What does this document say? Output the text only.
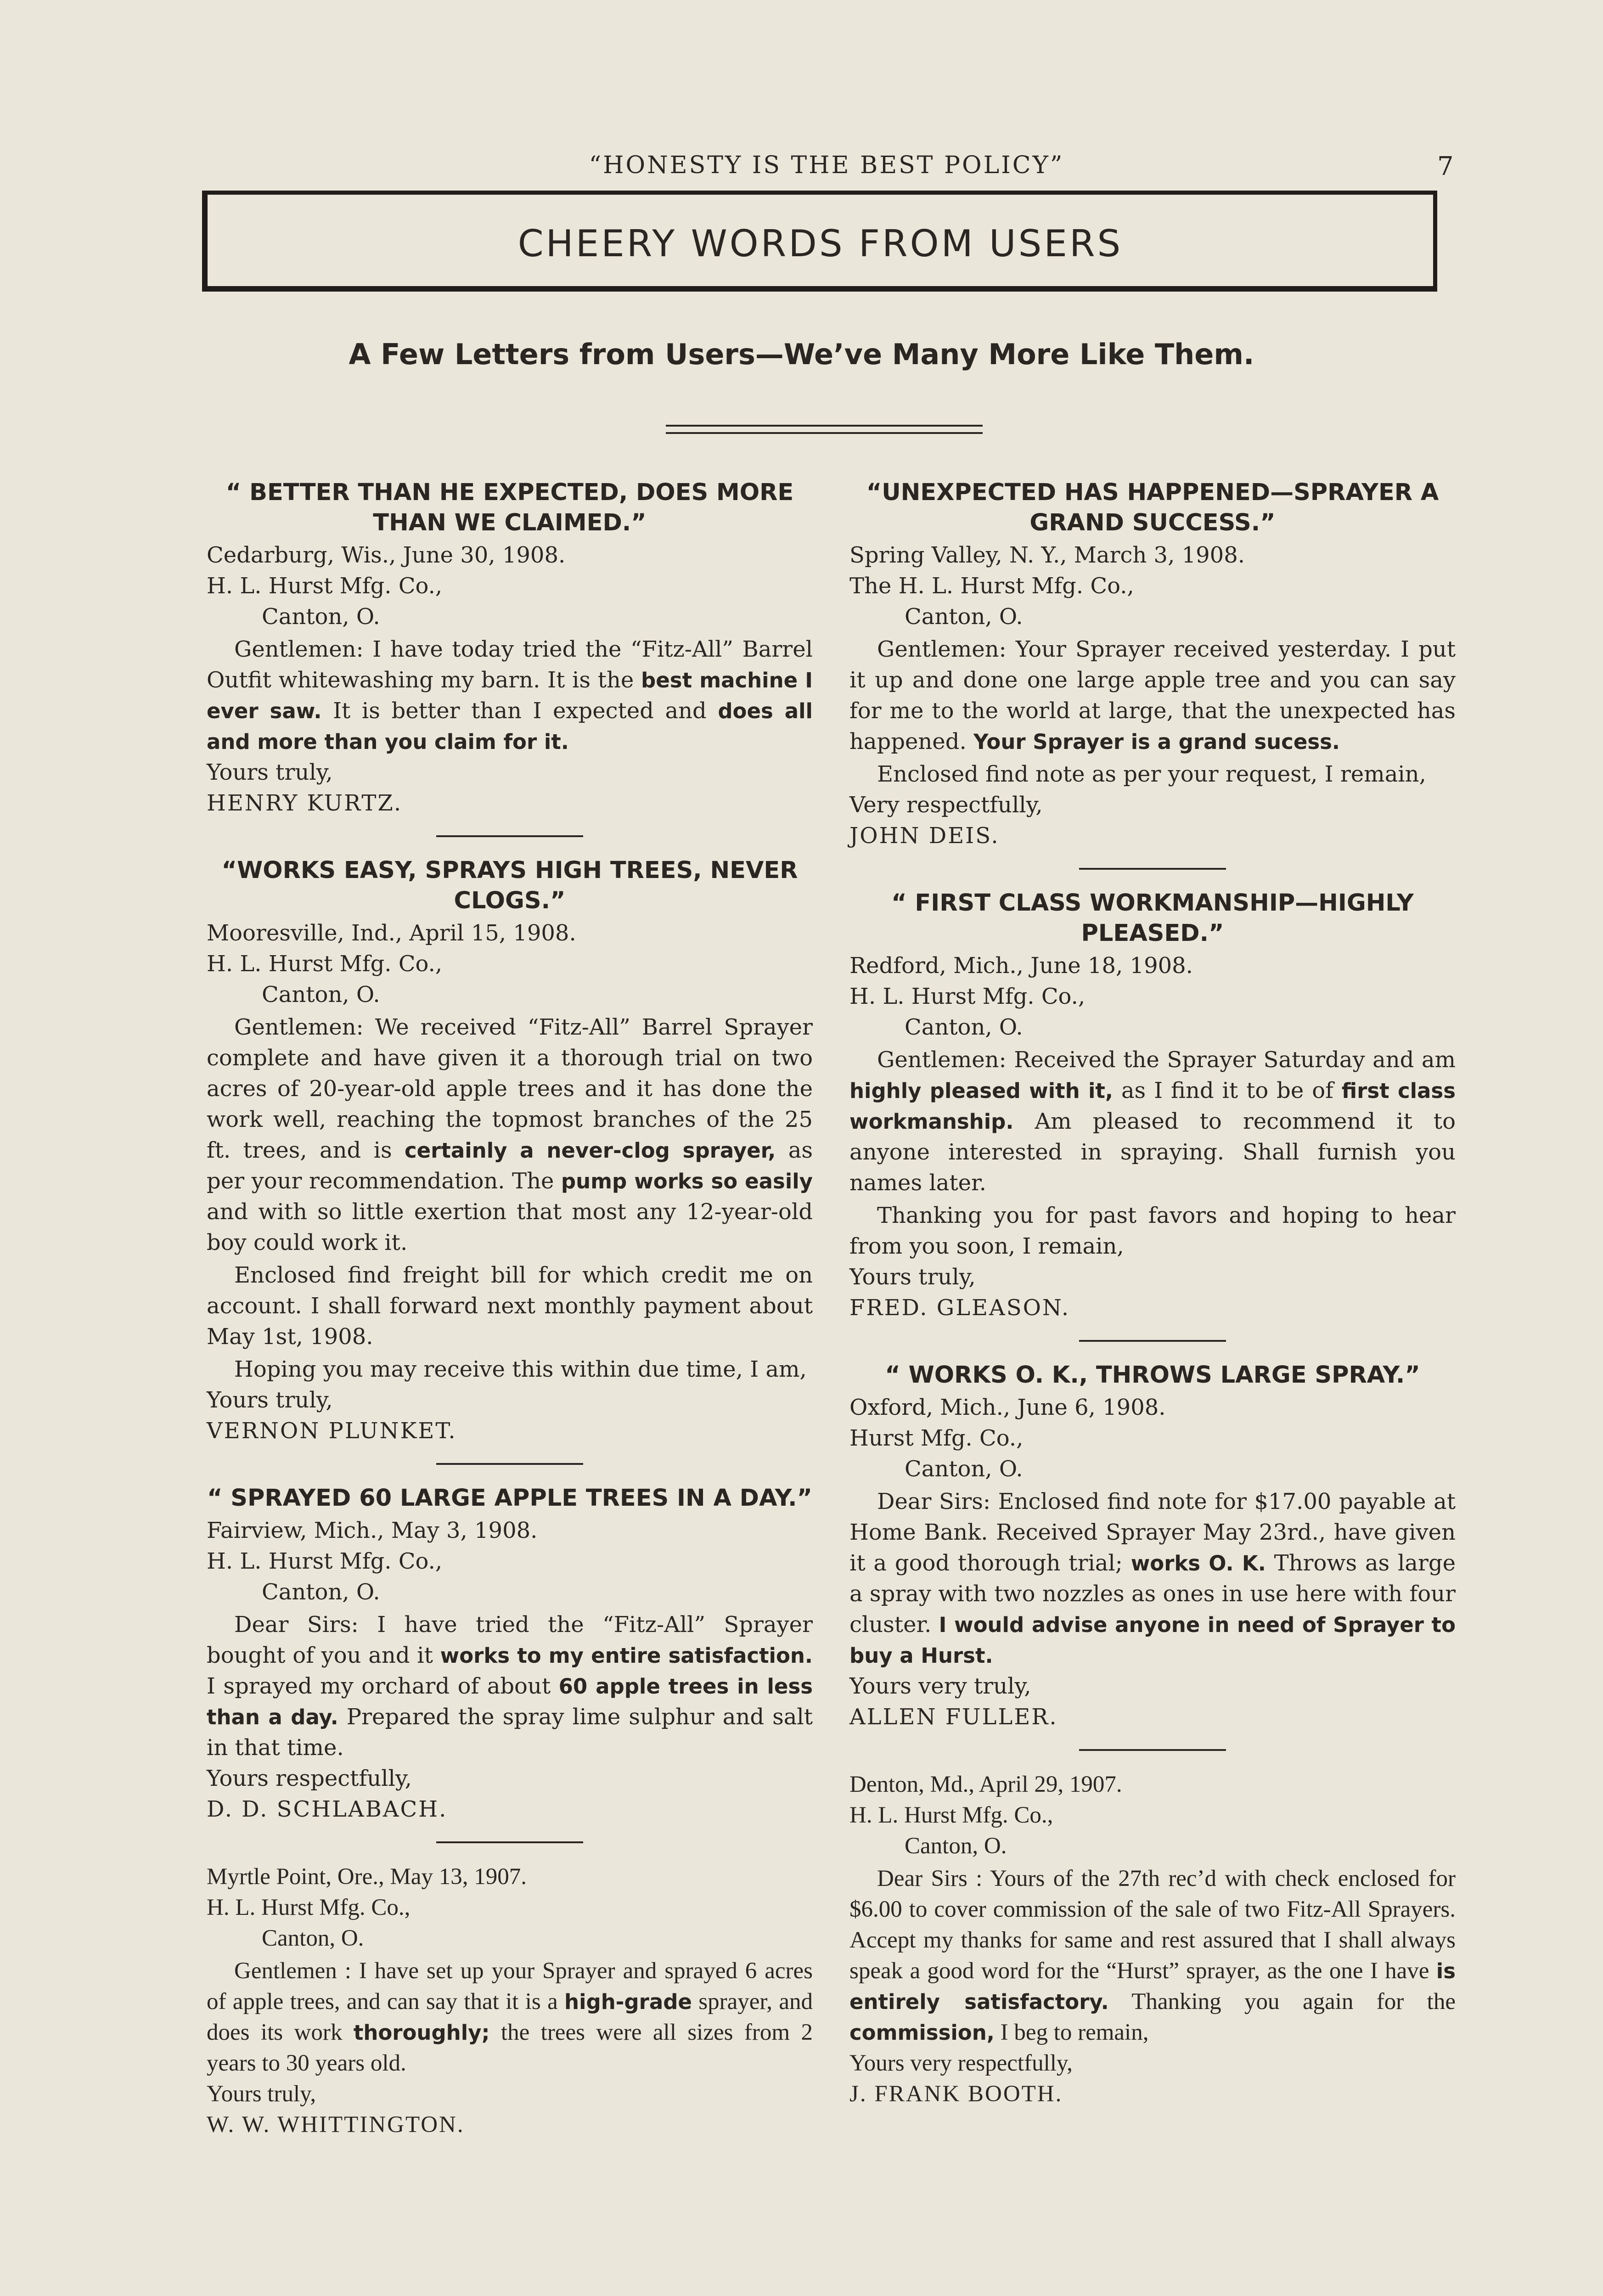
“HONESTY IS THE BEST POLICY”	7
CHEERY WORDS FROM USERS
A Few Letters from Users—We’ve Many More Like Them.
“ BETTER THAN HE EXPECTED, DOES MORE THAN WE CLAIMED.”

Cedarburg, Wis., June 30, 1908.

H. L. Hurst Mfg. Co.,

Canton, O.

Gentlemen: I have today tried the “Fitz-All” Barrel Outfit whitewashing my barn. It is the best machine I ever saw. It is better than I expected and does all and more than you claim for it.

Yours truly,

HENRY KURTZ.

“WORKS EASY, SPRAYS HIGH TREES, NEVER CLOGS.”

Mooresville, Ind., April 15, 1908.

H. L. Hurst Mfg. Co.,

Canton, O.

Gentlemen: We received “Fitz-All” Barrel Sprayer complete and have given it a thorough trial on two acres of 20-year-old apple trees and it has done the work well, reaching the topmost branches of the 25 ft. trees, and is certainly a never-clog sprayer, as per your recommendation. The pump works so easily and with so little exertion that most any 12-year-old boy could work it.

Enclosed find freight bill for which credit me on account. I shall forward next monthly payment about May 1st, 1908.

Hoping you may receive this within due time, I am,

Yours truly,

VERNON PLUNKET.

“ SPRAYED 60 LARGE APPLE TREES IN A DAY.”

Fairview, Mich., May 3, 1908.

H. L. Hurst Mfg. Co.,

Canton, O.

Dear Sirs: I have tried the “Fitz-All” Sprayer bought of you and it works to my entire satisfaction. I sprayed my orchard of about 60 apple trees in less than a day. Prepared the spray lime sulphur and salt in that time.

Yours respectfully,

D. D. SCHLABACH.

Myrtle Point, Ore., May 13, 1907.

H. L. Hurst Mfg. Co.,

Canton, O.

Gentlemen : I have set up your Sprayer and sprayed 6 acres of apple trees, and can say that it is a high-grade sprayer, and does its work thoroughly; the trees were all sizes from 2 years to 30 years old.

Yours truly,

W. W. WHITTINGTON.

“UNEXPECTED HAS HAPPENED—SPRAYER A GRAND SUCCESS.”

Spring Valley, N. Y., March 3, 1908.

The H. L. Hurst Mfg. Co.,

Canton, O.

Gentlemen: Your Sprayer received yesterday. I put it up and done one large apple tree and you can say for me to the world at large, that the unexpected has happened. Your Sprayer is a grand sucess.

Enclosed find note as per your request, I remain,

Very respectfully,

JOHN DEIS.

“ FIRST CLASS WORKMANSHIP—HIGHLY PLEASED.”

Redford, Mich., June 18, 1908.

H. L. Hurst Mfg. Co.,

Canton, O.

Gentlemen: Received the Sprayer Saturday and am highly pleased with it, as I find it to be of first class workmanship. Am pleased to recommend it to anyone interested in spraying. Shall furnish you names later.

Thanking you for past favors and hoping to hear from you soon, I remain,

Yours truly,

FRED. GLEASON.

“ WORKS O. K., THROWS LARGE SPRAY.”

Oxford, Mich., June 6, 1908.

Hurst Mfg. Co.,

Canton, O.

Dear Sirs: Enclosed find note for $17.00 payable at Home Bank. Received Sprayer May 23rd., have given it a good thorough trial; works O. K. Throws as large a spray with two nozzles as ones in use here with four cluster. I would advise anyone in need of Sprayer to buy a Hurst.

Yours very truly,

ALLEN FULLER.

Denton, Md., April 29, 1907.

H. L. Hurst Mfg. Co.,

Canton, O.

Dear Sirs : Yours of the 27th rec’d with check enclosed for $6.00 to cover commission of the sale of two Fitz-All Sprayers. Accept my thanks for same and rest assured that I shall always speak a good word for the “Hurst” sprayer, as the one I have is entirely satisfactory. Thanking you again for the commission, I beg to remain,

Yours very respectfully,

J. FRANK BOOTH.
